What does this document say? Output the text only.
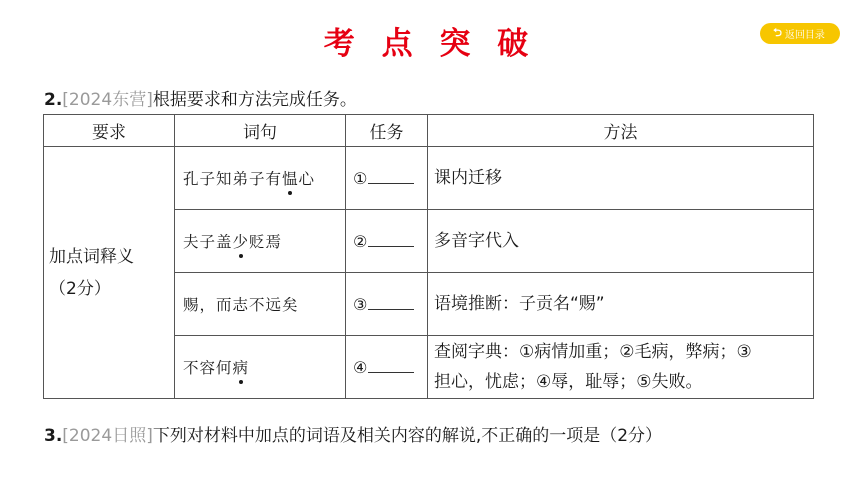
考 点 突 破	⮌ 返回目录
2.[2024东营]根据要求和方法完成任务。
要求	词句	任务	方法

加点词释义
（2分）	孔子知弟子有愠心	①	课内迁移
	夫子盖少贬焉	②	多音字代入
	赐，而志不远矣	③	语境推断：子贡名“赐”
	不容何病	④	查阅字典：①病情加重；②毛病，弊病；③
担心，忧虑；④辱，耻辱；⑤失败。
3.[2024日照]下列对材料中加点的词语及相关内容的解说,不正确的一项是（2分）
